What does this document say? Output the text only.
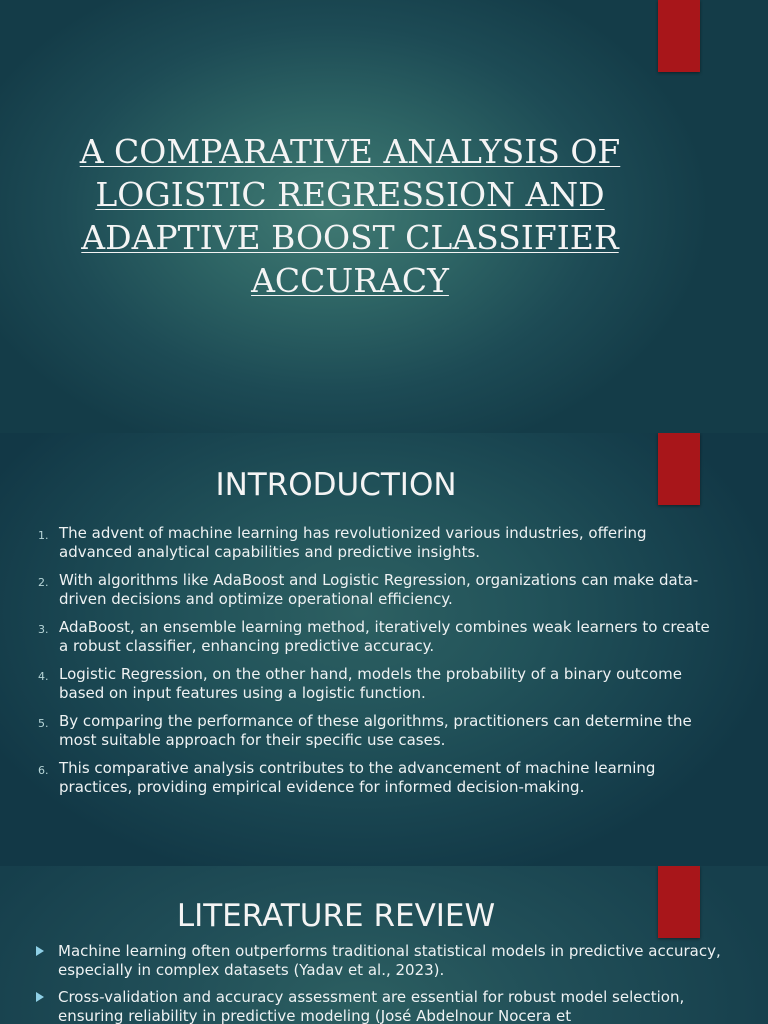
A COMPARATIVE ANALYSIS OF LOGISTIC REGRESSION AND ADAPTIVE BOOST CLASSIFIER ACCURACY
INTRODUCTION
1. The advent of machine learning has revolutionized various industries, offering advanced analytical capabilities and predictive insights.
2. With algorithms like AdaBoost and Logistic Regression, organizations can make data-driven decisions and optimize operational efficiency.
3. AdaBoost, an ensemble learning method, iteratively combines weak learners to create a robust classifier, enhancing predictive accuracy.
4. Logistic Regression, on the other hand, models the probability of a binary outcome based on input features using a logistic function.
5. By comparing the performance of these algorithms, practitioners can determine the most suitable approach for their specific use cases.
6. This comparative analysis contributes to the advancement of machine learning practices, providing empirical evidence for informed decision-making.
LITERATURE REVIEW
Machine learning often outperforms traditional statistical models in predictive accuracy, especially in complex datasets (Yadav et al., 2023).
Cross-validation and accuracy assessment are essential for robust model selection, ensuring reliability in predictive modeling (José Abdelnour Nocera et
